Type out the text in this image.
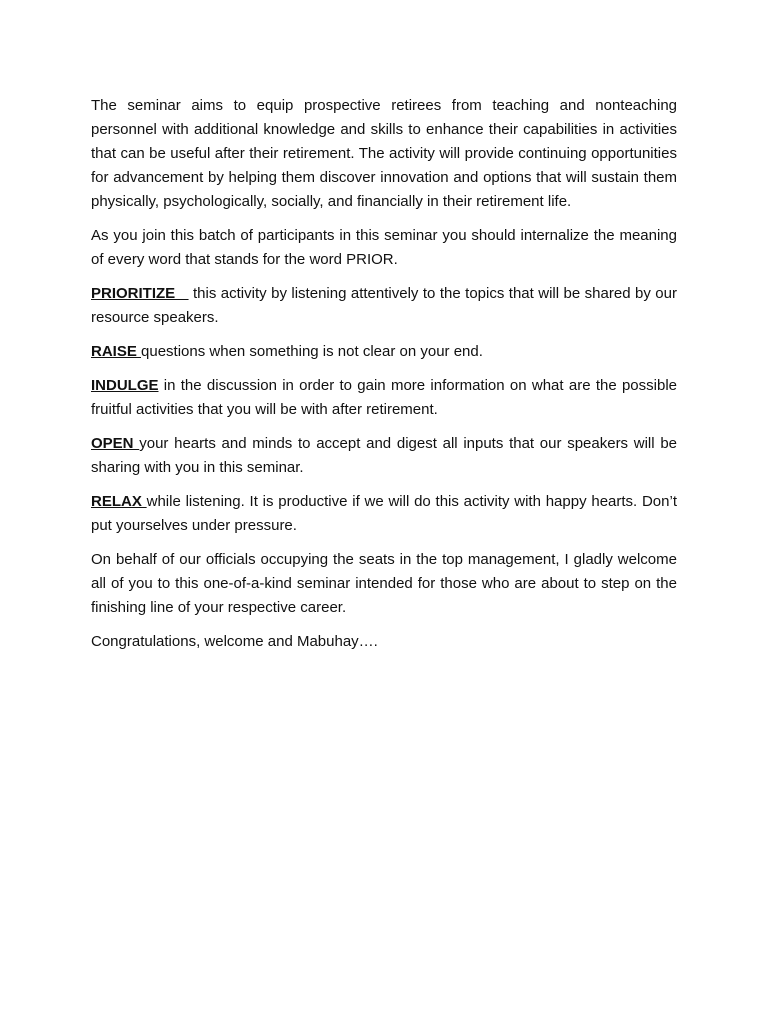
The seminar aims to equip prospective retirees from teaching and nonteaching personnel with additional knowledge and skills to enhance their capabilities in activities that can be useful after their retirement. The activity will provide continuing opportunities for advancement by helping them discover innovation and options that will sustain them physically, psychologically, socially, and financially in their retirement life.

As you join this batch of participants in this seminar you should internalize the meaning of every word that stands for the word PRIOR.

PRIORITIZE    this activity by listening attentively to the topics that will be shared by our resource speakers.

RAISE questions when something is not clear on your end.

INDULGE in the discussion in order to gain more information on what are the possible fruitful activities that you will be with after retirement.

OPEN your hearts and minds to accept and digest all inputs that our speakers will be sharing with you in this seminar.

RELAX while listening. It is productive if we will do this activity with happy hearts. Don’t put yourselves under pressure.

On behalf of our officials occupying the seats in the top management, I gladly welcome all of you to this one-of-a-kind seminar intended for those who are about to step on the finishing line of your respective career.

Congratulations, welcome and Mabuhay….
